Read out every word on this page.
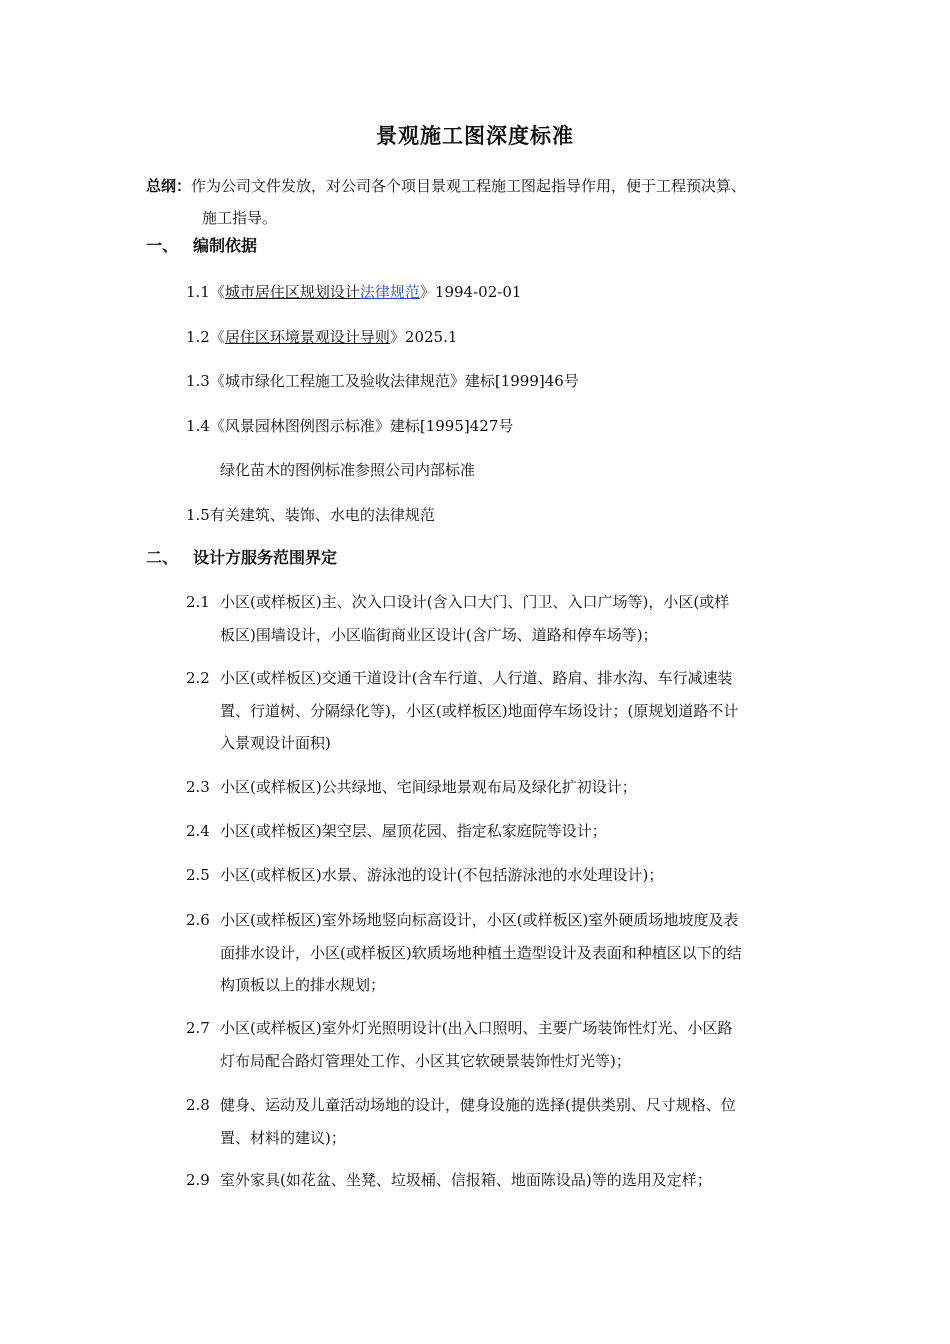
景观施工图深度标准
总纲：作为公司文件发放，对公司各个项目景观工程施工图起指导作用，便于工程预决算、
施工指导。
一、 编制依据
1.1《城市居住区规划设计法律规范》1994-02-01
1.2《居住区环境景观设计导则》2025.1
1.3《城市绿化工程施工及验收法律规范》建标[1999]46号
1.4《风景园林图例图示标准》建标[1995]427号
绿化苗木的图例标准参照公司内部标准
1.5有关建筑、装饰、水电的法律规范
二、 设计方服务范围界定
2.1 小区(或样板区)主、次入口设计(含入口大门、门卫、入口广场等)，小区(或样
板区)围墙设计，小区临街商业区设计(含广场、道路和停车场等)；
2.2 小区(或样板区)交通干道设计(含车行道、人行道、路肩、排水沟、车行减速装
置、行道树、分隔绿化等)，小区(或样板区)地面停车场设计；(原规划道路不计
入景观设计面积)
2.3 小区(或样板区)公共绿地、宅间绿地景观布局及绿化扩初设计；
2.4 小区(或样板区)架空层、屋顶花园、指定私家庭院等设计；
2.5 小区(或样板区)水景、游泳池的设计(不包括游泳池的水处理设计)；
2.6 小区(或样板区)室外场地竖向标高设计，小区(或样板区)室外硬质场地坡度及表
面排水设计，小区(或样板区)软质场地种植土造型设计及表面和种植区以下的结
构顶板以上的排水规划；
2.7 小区(或样板区)室外灯光照明设计(出入口照明、主要广场装饰性灯光、小区路
灯布局配合路灯管理处工作、小区其它软硬景装饰性灯光等)；
2.8 健身、运动及儿童活动场地的设计，健身设施的选择(提供类别、尺寸规格、位
置、材料的建议)；
2.9 室外家具(如花盆、坐凳、垃圾桶、信报箱、地面陈设品)等的选用及定样；
